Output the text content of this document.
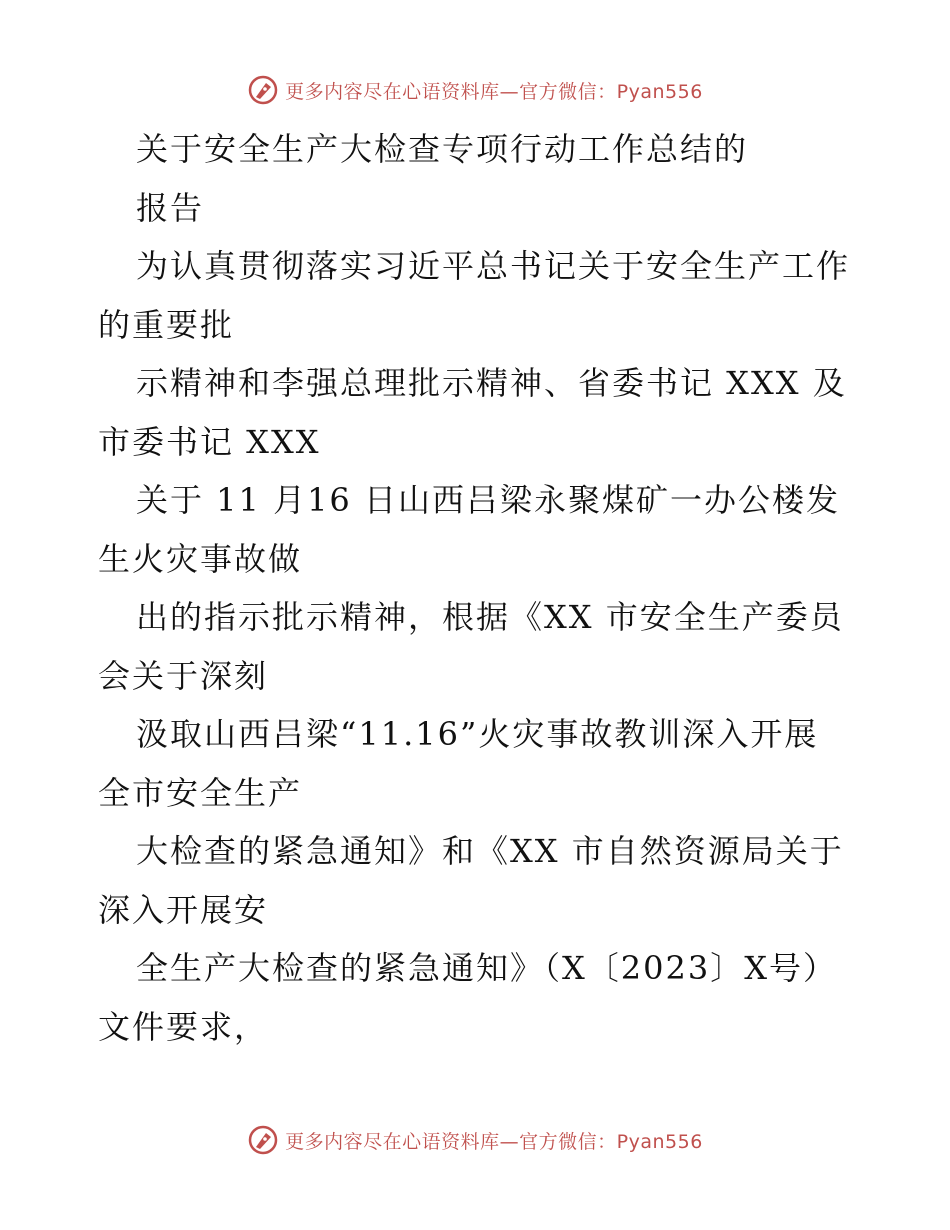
更多内容尽在心语资料库—官方微信：Pyan556
关于安全生产大检查专项行动工作总结的
报告
为认真贯彻落实习近平总书记关于安全生产工作
的重要批
示精神和李强总理批示精神、省委书记 XXX 及
市委书记 XXX
关于 11 月16 日山西吕梁永聚煤矿一办公楼发
生火灾事故做
出的指示批示精神，根据《XX 市安全生产委员
会关于深刻
汲取山西吕梁“11.16”火灾事故教训深入开展
全市安全生产
大检查的紧急通知》和《XX 市自然资源局关于
深入开展安
全生产大检查的紧急通知》（X〔2023〕X号）
文件要求，
更多内容尽在心语资料库—官方微信：Pyan556
